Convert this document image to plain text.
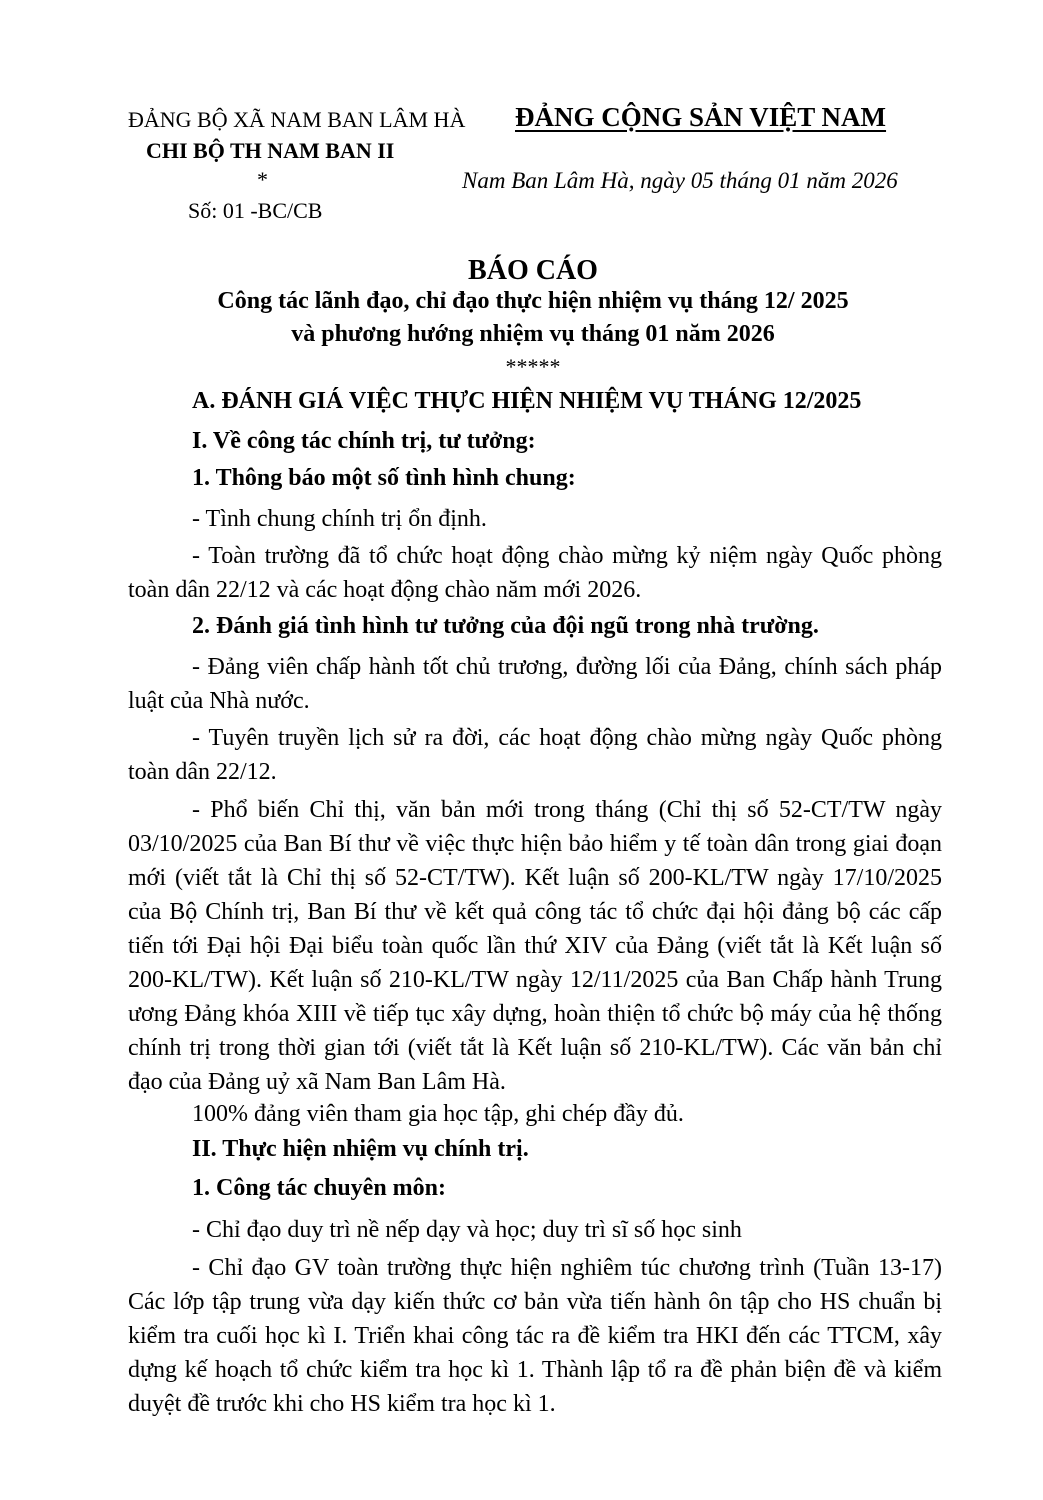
ĐẢNG BỘ XÃ NAM BAN LÂM HÀ
CHI BỘ TH NAM BAN II
*
Số: 01 -BC/CB
ĐẢNG CỘNG SẢN VIỆT NAM
Nam Ban Lâm Hà, ngày 05 tháng 01 năm 2026
BÁO CÁO
Công tác lãnh đạo, chỉ đạo thực hiện nhiệm vụ tháng 12/ 2025
và phương hướng nhiệm vụ tháng 01 năm 2026
*****
A. ĐÁNH GIÁ VIỆC THỰC HIỆN NHIỆM VỤ THÁNG 12/2025
I. Về công tác chính trị, tư tưởng:
1. Thông báo một số tình hình chung:
- Tình chung chính trị ổn định.
- Toàn trường đã tổ chức hoạt động chào mừng kỷ niệm ngày Quốc phòng toàn dân 22/12 và các hoạt động chào năm mới 2026.
2. Đánh giá tình hình tư tưởng của đội ngũ trong nhà trường.
- Đảng viên chấp hành tốt chủ trương, đường lối của Đảng, chính sách pháp luật của Nhà nước.
- Tuyên truyền lịch sử ra đời, các hoạt động chào mừng ngày Quốc phòng toàn dân 22/12.
- Phổ biến Chỉ thị, văn bản mới trong tháng (Chỉ thị số 52-CT/TW ngày 03/10/2025 của Ban Bí thư về việc thực hiện bảo hiểm y tế toàn dân trong giai đoạn mới (viết tắt là Chỉ thị số 52-CT/TW). Kết luận số 200-KL/TW ngày 17/10/2025 của Bộ Chính trị, Ban Bí thư về kết quả công tác tổ chức đại hội đảng bộ các cấp tiến tới Đại hội Đại biểu toàn quốc lần thứ XIV của Đảng (viết tắt là Kết luận số 200-KL/TW). Kết luận số 210-KL/TW ngày 12/11/2025 của Ban Chấp hành Trung ương Đảng khóa XIII về tiếp tục xây dựng, hoàn thiện tổ chức bộ máy của hệ thống chính trị trong thời gian tới (viết tắt là Kết luận số 210-KL/TW). Các văn bản chỉ đạo của Đảng uỷ xã Nam Ban Lâm Hà.
100% đảng viên tham gia học tập, ghi chép đầy đủ.
II. Thực hiện nhiệm vụ chính trị.
1. Công tác chuyên môn:
- Chỉ đạo duy trì nề nếp dạy và học; duy trì sĩ số học sinh
- Chỉ đạo GV toàn trường thực hiện nghiêm túc chương trình (Tuần 13-17) Các lớp tập trung vừa dạy kiến thức cơ bản vừa tiến hành ôn tập cho HS chuẩn bị kiểm tra cuối học kì I. Triển khai công tác ra đề kiểm tra HKI đến các TTCM, xây dựng kế hoạch tổ chức kiểm tra học kì 1. Thành lập tổ ra đề phản biện đề và kiểm duyệt đề trước khi cho HS kiểm tra học kì 1.
